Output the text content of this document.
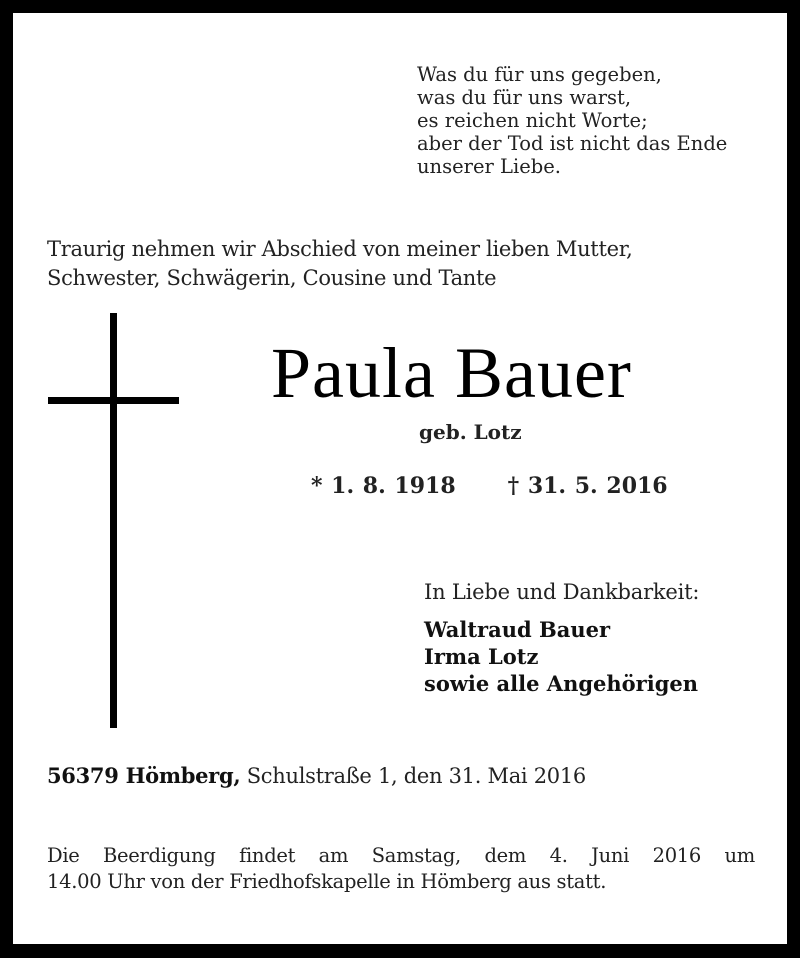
Was du für uns gegeben,
was du für uns warst,
es reichen nicht Worte;
aber der Tod ist nicht das Ende
unserer Liebe.
Traurig nehmen wir Abschied von meiner lieben Mutter,
Schwester, Schwägerin, Cousine und Tante
Paula Bauer
geb. Lotz
* 1. 8. 1918 † 31. 5. 2016
In Liebe und Dankbarkeit:
Waltraud Bauer
Irma Lotz
sowie alle Angehörigen
56379 Hömberg, Schulstraße 1, den 31. Mai 2016
Die Beerdigung findet am Samstag, dem 4. Juni 2016 um
14.00 Uhr von der Friedhofskapelle in Hömberg aus statt.
